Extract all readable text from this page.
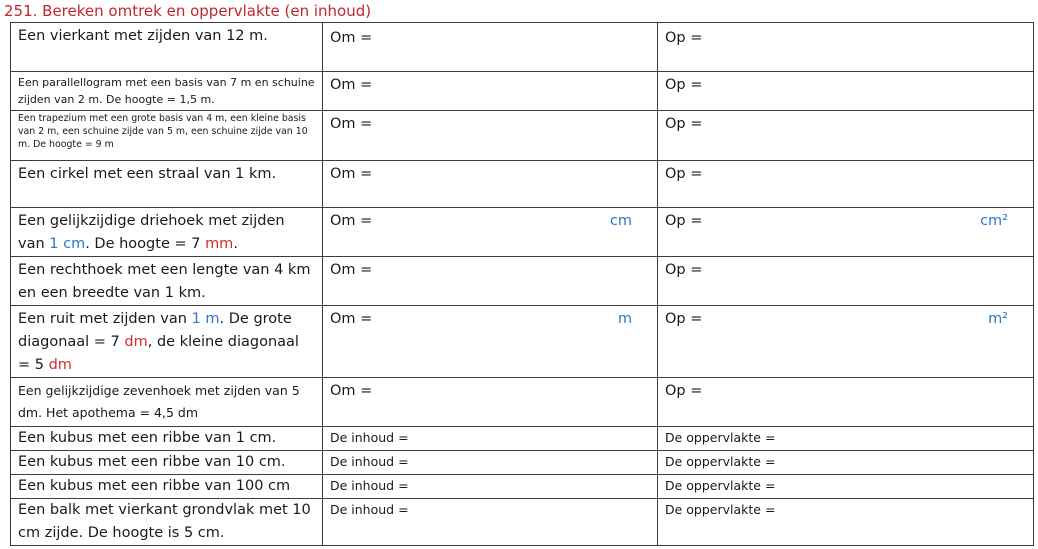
251. Bereken omtrek en oppervlakte (en inhoud)
Een vierkant met zijden van 12 m.	Om =	Op =
Een parallellogram met een basis van 7 m en schuine zijden van 2 m. De hoogte = 1,5 m.	Om =	Op =
Een trapezium met een grote basis van 4 m, een kleine basis van 2 m, een schuine zijde van 5 m, een schuine zijde van 10 m. De hoogte = 9 m	Om =	Op =
Een cirkel met een straal van 1 km.	Om =	Op =
Een gelijkzijdige driehoek met zijden van 1 cm. De hoogte = 7 mm.	Om = cm	Op = cm²

Een rechthoek met een lengte van 4 km en een breedte van 1 km.	Om =	Op =
Een ruit met zijden van 1 m. De grote diagonaal = 7 dm, de kleine diagonaal = 5 dm	Om = m	Op = m²

Een gelijkzijdige zevenhoek met zijden van 5 dm. Het apothema = 4,5 dm	Om =	Op =
Een kubus met een ribbe van 1 cm.	De inhoud =	De oppervlakte =
Een kubus met een ribbe van 10 cm.	De inhoud =	De oppervlakte =
Een kubus met een ribbe van 100 cm	De inhoud =	De oppervlakte =
Een balk met vierkant grondvlak met 10 cm zijde. De hoogte is 5 cm.	De inhoud =	De oppervlakte =
